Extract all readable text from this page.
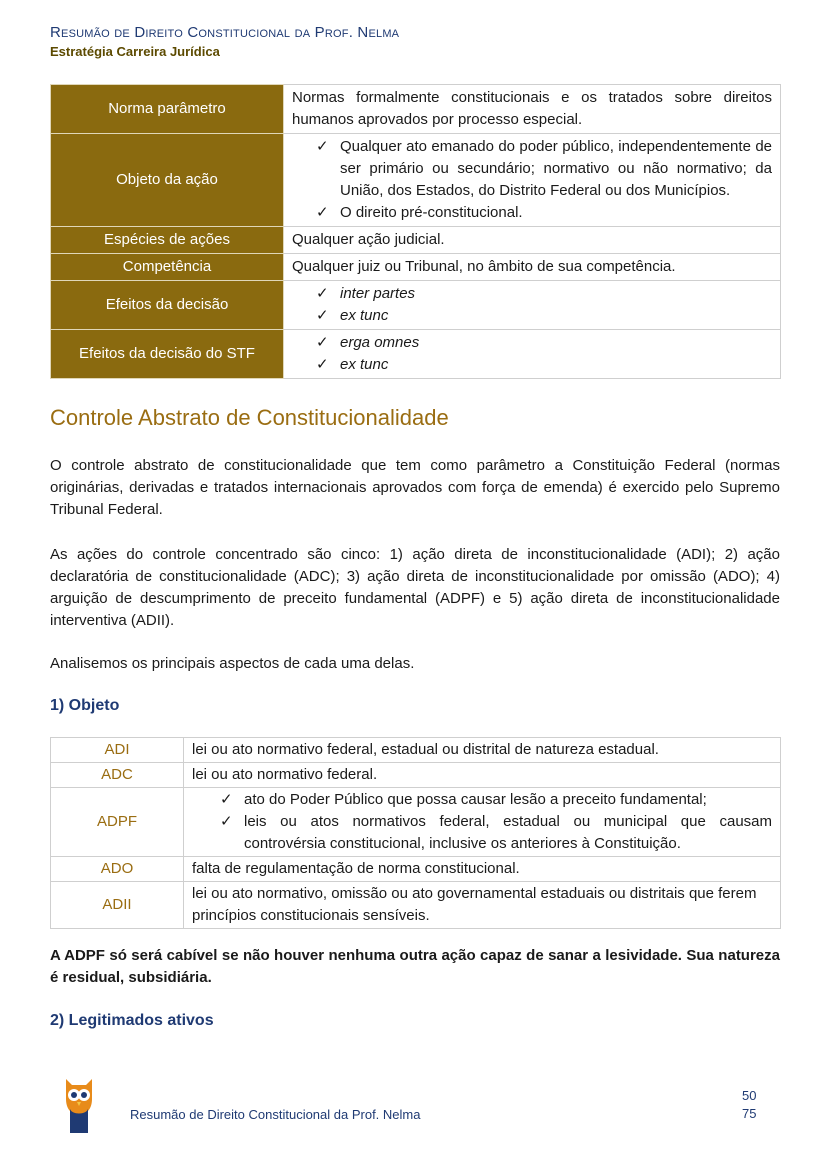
Resumão de Direito Constitucional da Prof. Nelma
Estratégia Carreira Jurídica
Norma parâmetro	Normas formalmente constitucionais e os tratados sobre direitos humanos aprovados por processo especial.
Objeto da ação	✓ Qualquer ato emanado do poder público, independentemente de ser primário ou secundário; normativo ou não normativo; da União, dos Estados, do Distrito Federal ou dos Municípios.
✓ O direito pré-constitucional.

Espécies de ações	Qualquer ação judicial.
Competência	Qualquer juiz ou Tribunal, no âmbito de sua competência.
Efeitos da decisão	✓ inter partes
✓ ex tunc

Efeitos da decisão do STF	✓ erga omnes
✓ ex tunc
Controle Abstrato de Constitucionalidade

O controle abstrato de constitucionalidade que tem como parâmetro a Constituição Federal (normas originárias, derivadas e tratados internacionais aprovados com força de emenda) é exercido pelo Supremo Tribunal Federal.

As ações do controle concentrado são cinco: 1) ação direta de inconstitucionalidade (ADI); 2) ação declaratória de constitucionalidade (ADC); 3) ação direta de inconstitucionalidade por omissão (ADO); 4) arguição de descumprimento de preceito fundamental (ADPF) e 5) ação direta de inconstitucionalidade interventiva (ADII).

Analisemos os principais aspectos de cada uma delas.

1) Objeto
ADI	lei ou ato normativo federal, estadual ou distrital de natureza estadual.
ADC	lei ou ato normativo federal.
ADPF	✓ ato do Poder Público que possa causar lesão a preceito fundamental;
✓ leis ou atos normativos federal, estadual ou municipal que causam controvérsia constitucional, inclusive os anteriores à Constituição.

ADO	falta de regulamentação de norma constitucional.
ADII	lei ou ato normativo, omissão ou ato governamental estaduais ou distritais que ferem princípios constitucionais sensíveis.

A ADPF só será cabível se não houver nenhuma outra ação capaz de sanar a lesividade. Sua natureza é residual, subsidiária.

2) Legitimados ativos
Resumão de Direito Constitucional da Prof. Nelma
50
75
